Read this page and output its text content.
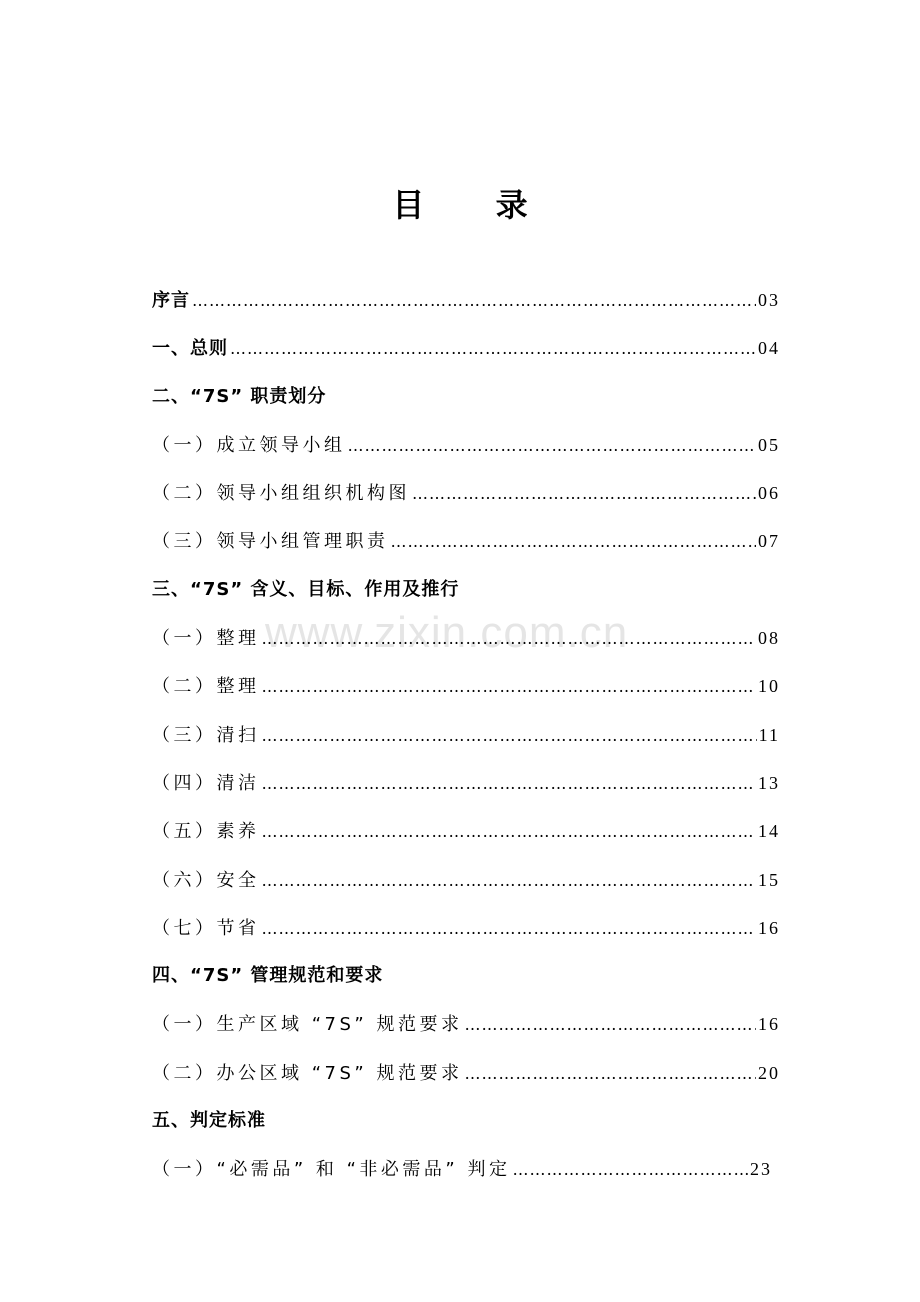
目 录
www.zixin.com.cn
序言 …………………………………………………………………………………………………………………………………………………………	03
一、总则 …………………………………………………………………………………………………………………………………………………………	04
二、“7S” 职责划分
（一）成立领导小组 …………………………………………………………………………………………………………………………………………………………	05
（二）领导小组组织机构图 …………………………………………………………………………………………………………………………………………………………	06
（三）领导小组管理职责 …………………………………………………………………………………………………………………………………………………………	07
三、“7S” 含义、目标、作用及推行
（一）整理 …………………………………………………………………………………………………………………………………………………………	08
（二）整理 …………………………………………………………………………………………………………………………………………………………	10
（三）清扫 …………………………………………………………………………………………………………………………………………………………	11
（四）清洁 …………………………………………………………………………………………………………………………………………………………	13
（五）素养 …………………………………………………………………………………………………………………………………………………………	14
（六）安全 …………………………………………………………………………………………………………………………………………………………	15
（七）节省 …………………………………………………………………………………………………………………………………………………………	16
四、“7S” 管理规范和要求
（一）生产区域 “7S” 规范要求 …………………………………………………………………………………………………………………………………………………………	16
（二）办公区域 “7S” 规范要求 …………………………………………………………………………………………………………………………………………………………	20
五、判定标准
（一）“必需品” 和 “非必需品” 判定 …………………………………………………………………………………………………………………………………………………………	23
